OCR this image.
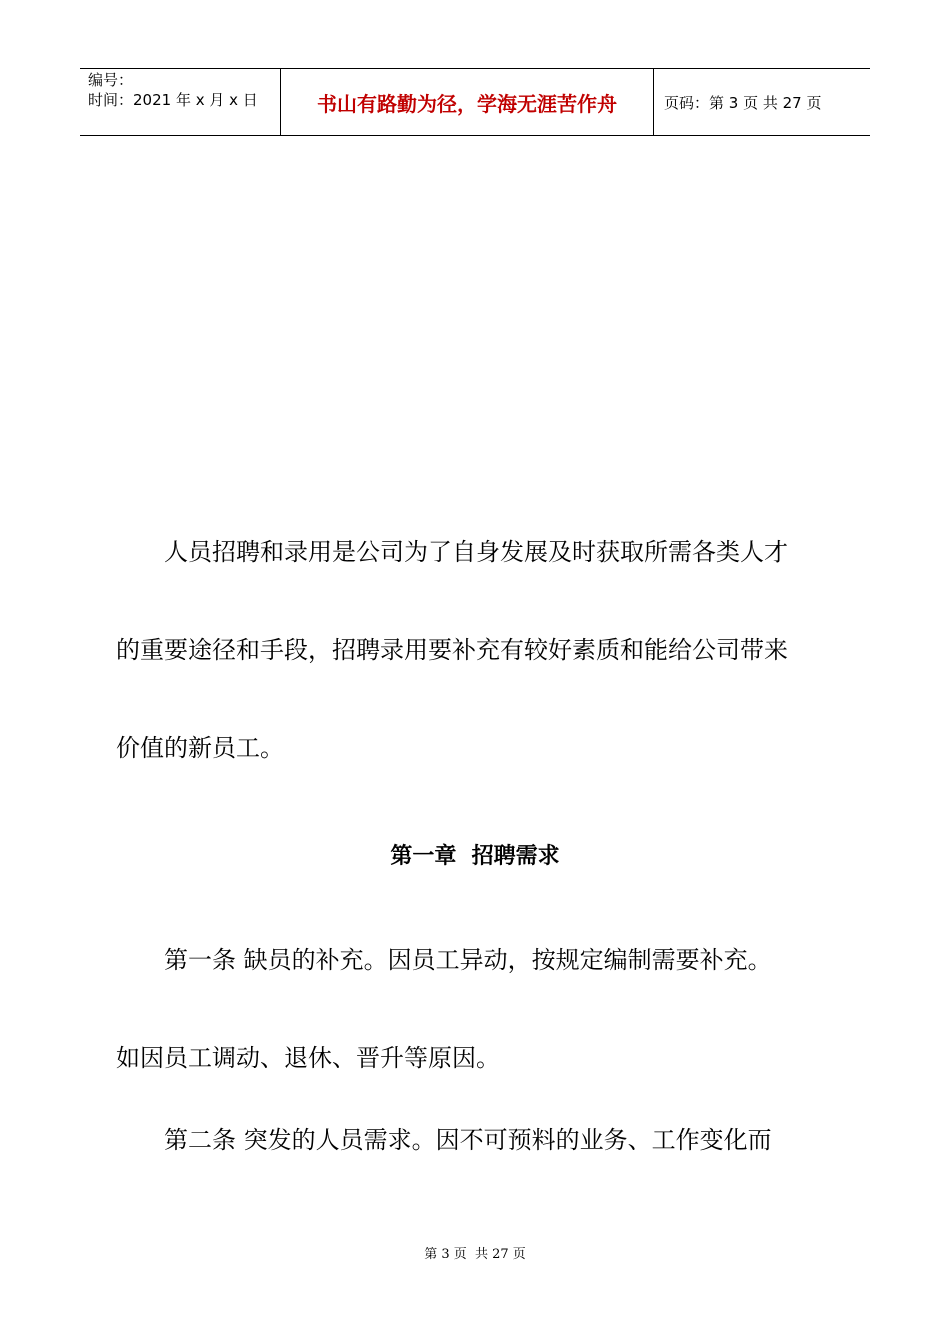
编号：
时间：2021 年 x 月 x 日	书山有路勤为径，学海无涯苦作舟	页码：第 3 页 共 27 页
人员招聘和录用是公司为了自身发展及时获取所需各类人才
的重要途径和手段，招聘录用要补充有较好素质和能给公司带来
价值的新员工。
第一章  招聘需求
第一条 缺员的补充。因员工异动，按规定编制需要补充。
如因员工调动、退休、晋升等原因。
第二条 突发的人员需求。因不可预料的业务、工作变化而
第 3 页  共 27 页
